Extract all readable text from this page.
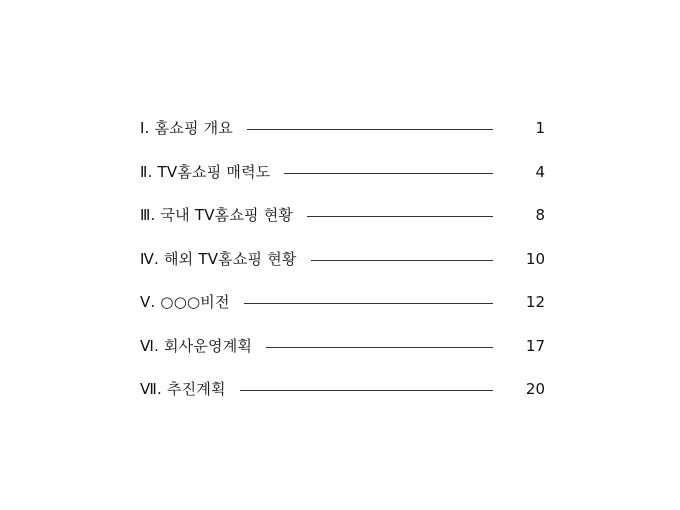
Ⅰ. 홈쇼핑 개요	1
Ⅱ. TV홈쇼핑 매력도	4
Ⅲ. 국내 TV홈쇼핑 현황	8
Ⅳ. 해외 TV홈쇼핑 현황	10
Ⅴ. ○○○비전	12
Ⅵ. 회사운영계획	17
Ⅶ. 추진계획	20
